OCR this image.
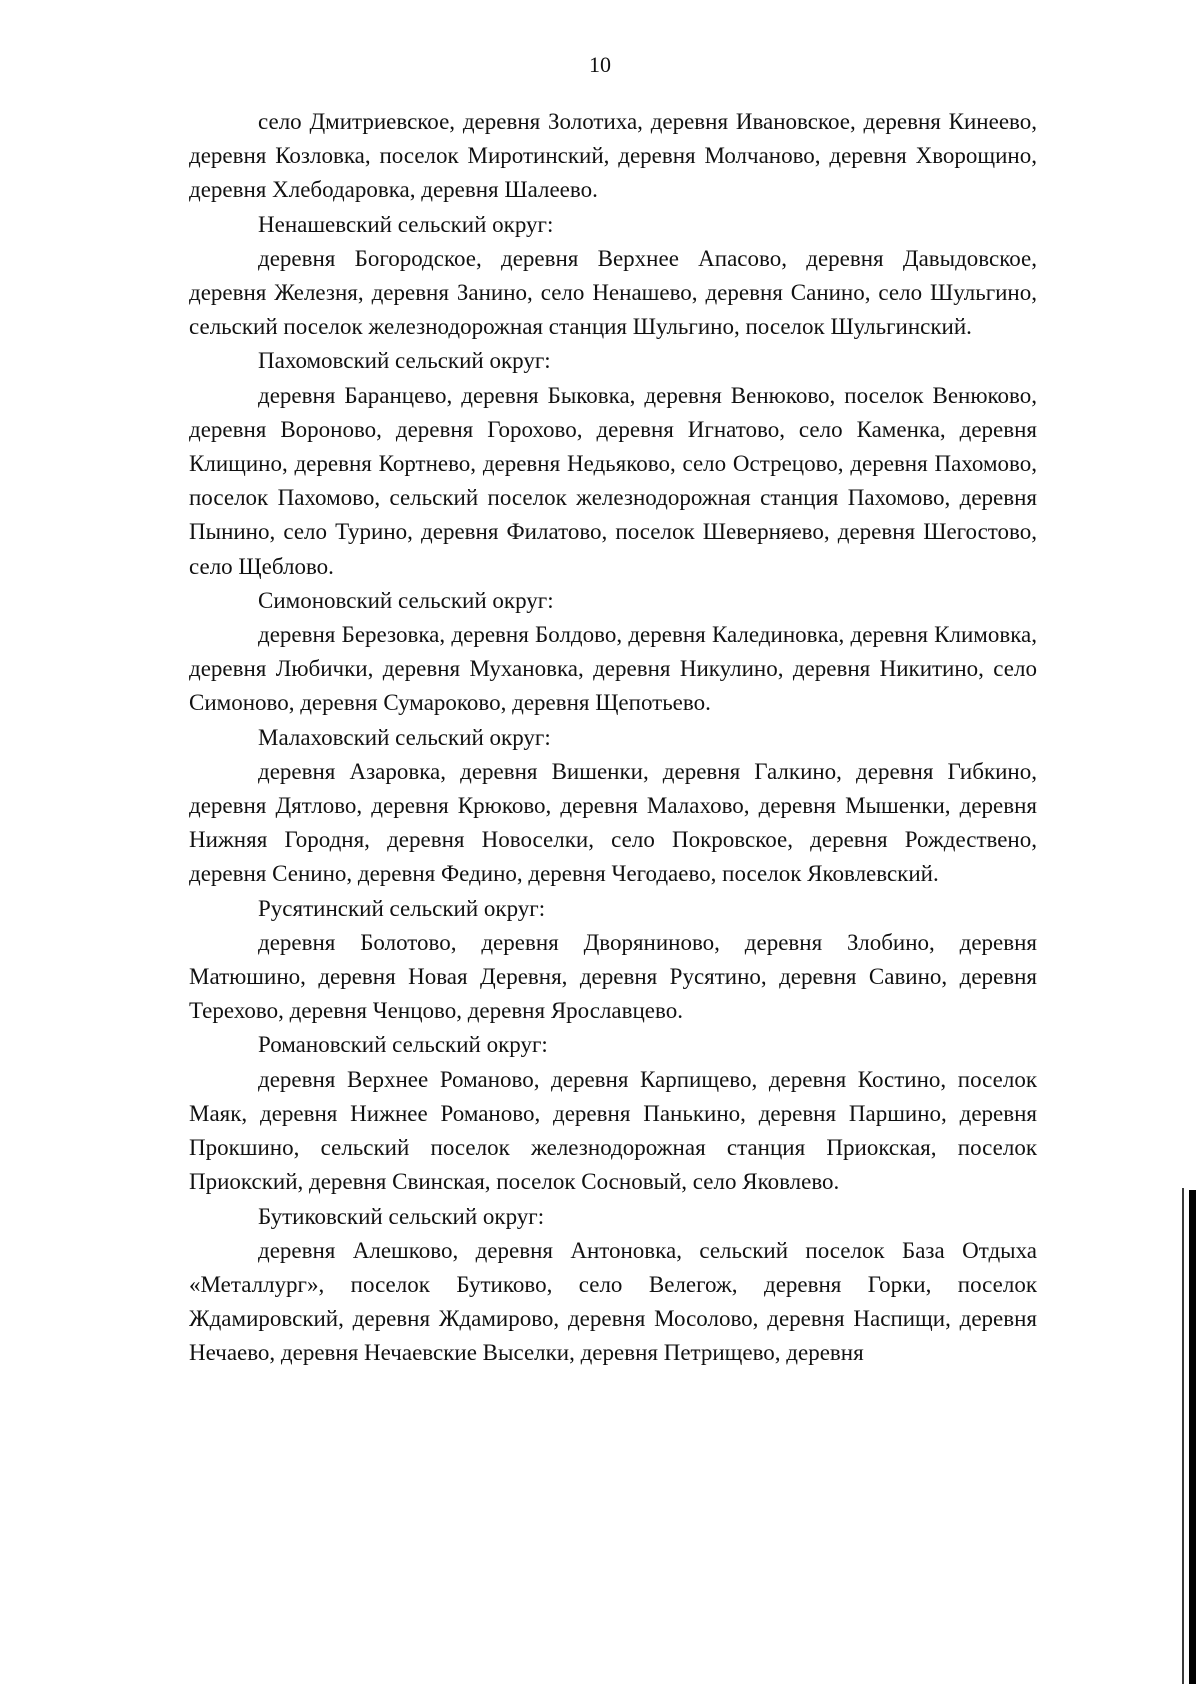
10

село Дмитриевское, деревня Золотиха, деревня Ивановское, деревня Кинеево, деревня Козловка, поселок Миротинский, деревня Молчаново, деревня Хворощино, деревня Хлебодаровка, деревня Шалеево.

Ненашевский сельский округ:

деревня Богородское, деревня Верхнее Апасово, деревня Давыдовское, деревня Железня, деревня Занино, село Ненашево, деревня Санино, село Шульгино, сельский поселок железнодорожная станция Шульгино, поселок Шульгинский.

Пахомовский сельский округ:

деревня Баранцево, деревня Быковка, деревня Венюково, поселок Венюково, деревня Вороново, деревня Горохово, деревня Игнатово, село Каменка, деревня Клищино, деревня Кортнево, деревня Недьяково, село Острецово, деревня Пахомово, поселок Пахомово, сельский поселок железнодорожная станция Пахомово, деревня Пынино, село Турино, деревня Филатово, поселок Шеверняево, деревня Шегостово, село Щеблово.

Симоновский сельский округ:

деревня Березовка, деревня Болдово, деревня Калединовка, деревня Климовка, деревня Любички, деревня Мухановка, деревня Никулино, деревня Никитино, село Симоново, деревня Сумароково, деревня Щепотьево.

Малаховский сельский округ:

деревня Азаровка, деревня Вишенки, деревня Галкино, деревня Гибкино, деревня Дятлово, деревня Крюково, деревня Малахово, деревня Мышенки, деревня Нижняя Городня, деревня Новоселки, село Покровское, деревня Рождествено, деревня Сенино, деревня Федино, деревня Чегодаево, поселок Яковлевский.

Русятинский сельский округ:

деревня Болотово, деревня Дворяниново, деревня Злобино, деревня Матюшино, деревня Новая Деревня, деревня Русятино, деревня Савино, деревня Терехово, деревня Ченцово, деревня Ярославцево.

Романовский сельский округ:

деревня Верхнее Романово, деревня Карпищево, деревня Костино, поселок Маяк, деревня Нижнее Романово, деревня Панькино, деревня Паршино, деревня Прокшино, сельский поселок железнодорожная станция Приокская, поселок Приокский, деревня Свинская, поселок Сосновый, село Яковлево.

Бутиковский сельский округ:

деревня Алешково, деревня Антоновка, сельский поселок База Отдыха «Металлург», поселок Бутиково, село Велегож, деревня Горки, поселок Ждамировский, деревня Ждамирово, деревня Мосолово, деревня Наспищи, деревня Нечаево, деревня Нечаевские Выселки, деревня Петрищево, деревня
